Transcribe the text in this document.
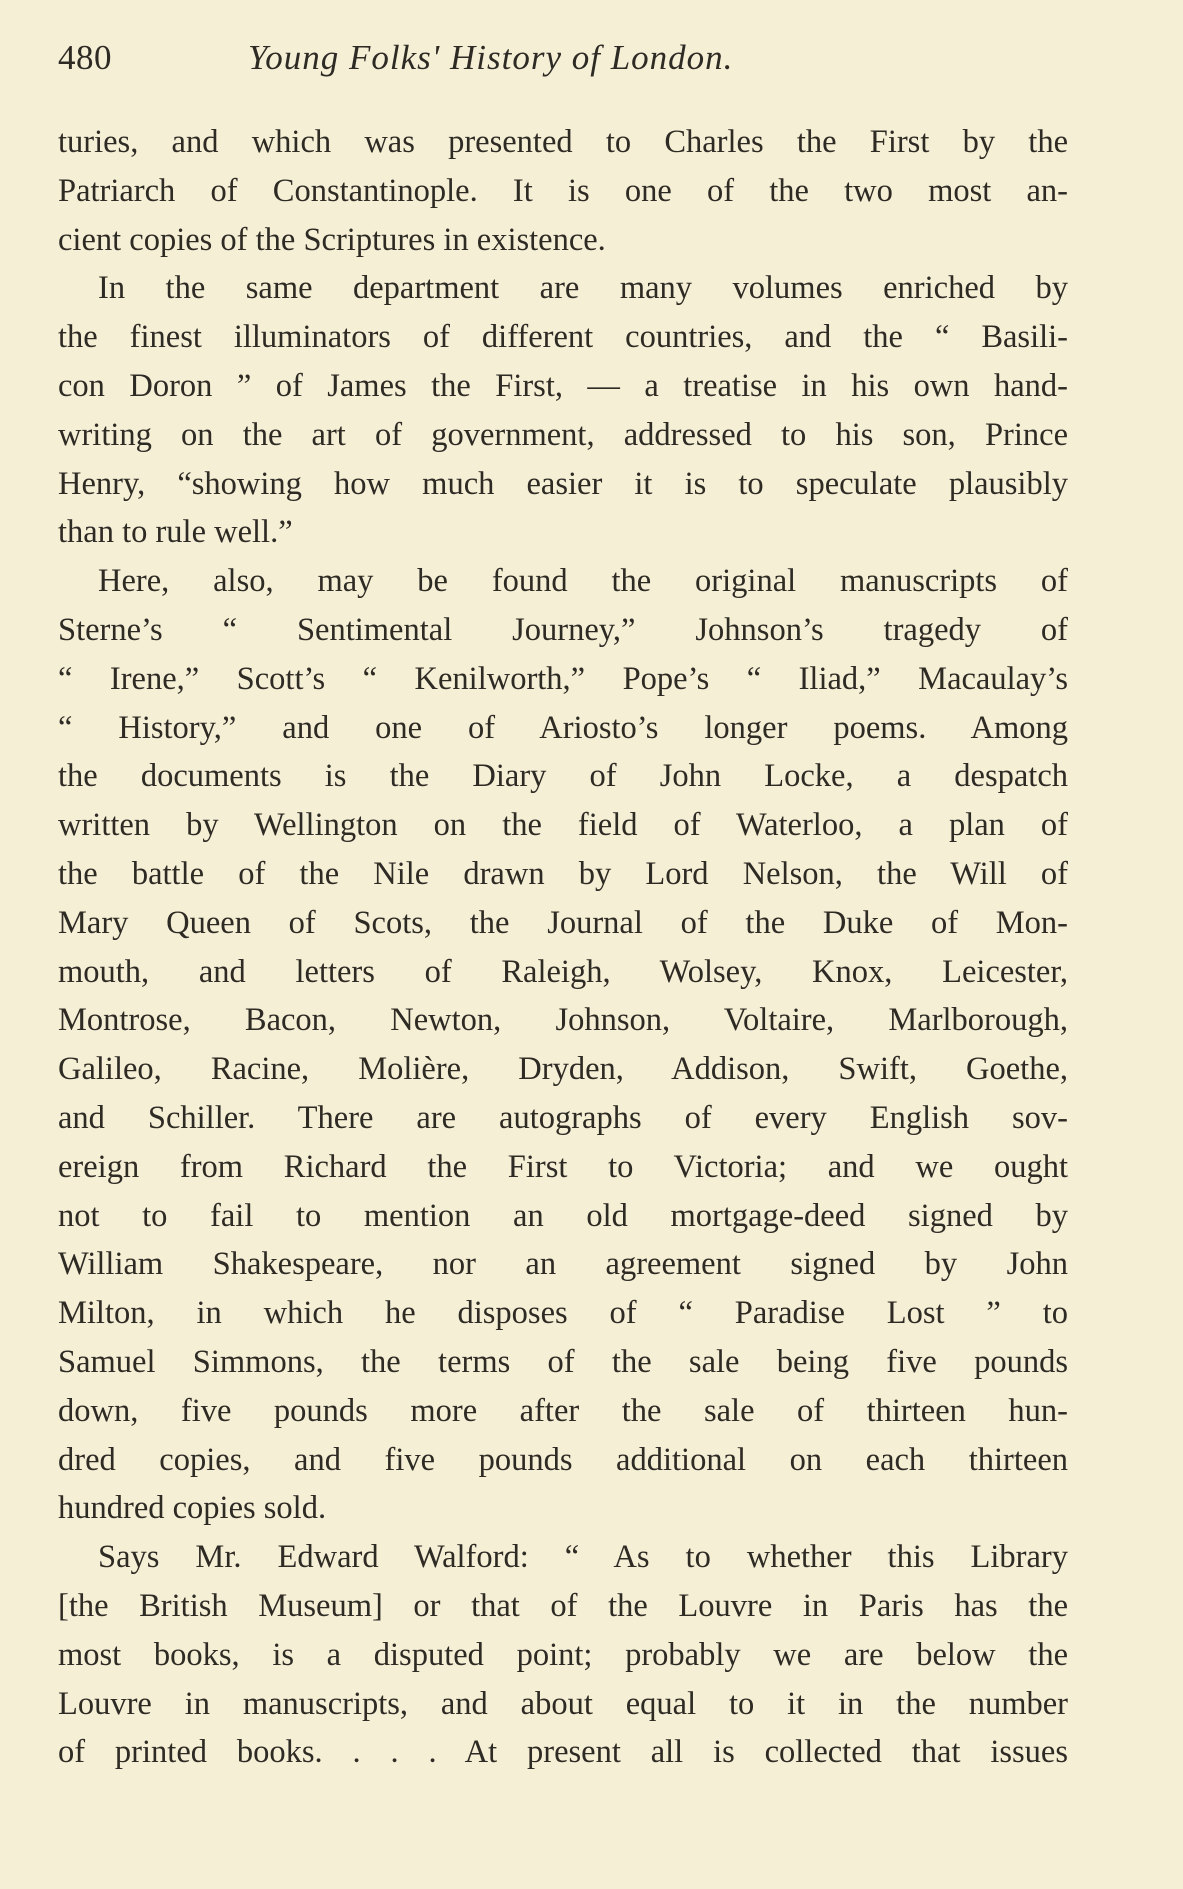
480	Young Folks' History of London.

turies, and which was presented to Charles the First by the
Patriarch of Constantinople. It is one of the two most an-
cient copies of the Scriptures in existence.

In the same department are many volumes enriched by
the finest illuminators of different countries, and the “ Basili-
con Doron ” of James the First, — a treatise in his own hand-
writing on the art of government, addressed to his son, Prince
Henry, “showing how much easier it is to speculate plausibly
than to rule well.”

Here, also, may be found the original manuscripts of
Sterne’s “ Sentimental Journey,” Johnson’s tragedy of
“ Irene,” Scott’s “ Kenilworth,” Pope’s “ Iliad,” Macaulay’s
“ History,” and one of Ariosto’s longer poems. Among
the documents is the Diary of John Locke, a despatch
written by Wellington on the field of Waterloo, a plan of
the battle of the Nile drawn by Lord Nelson, the Will of
Mary Queen of Scots, the Journal of the Duke of Mon-
mouth, and letters of Raleigh, Wolsey, Knox, Leicester,
Montrose, Bacon, Newton, Johnson, Voltaire, Marlborough,
Galileo, Racine, Molière, Dryden, Addison, Swift, Goethe,
and Schiller. There are autographs of every English sov-
ereign from Richard the First to Victoria; and we ought
not to fail to mention an old mortgage-deed signed by
William Shakespeare, nor an agreement signed by John
Milton, in which he disposes of “ Paradise Lost ” to
Samuel Simmons, the terms of the sale being five pounds
down, five pounds more after the sale of thirteen hun-
dred copies, and five pounds additional on each thirteen
hundred copies sold.

Says Mr. Edward Walford: “ As to whether this Library
[the British Museum] or that of the Louvre in Paris has the
most books, is a disputed point; probably we are below the
Louvre in manuscripts, and about equal to it in the number
of printed books. . . . At present all is collected that issues
